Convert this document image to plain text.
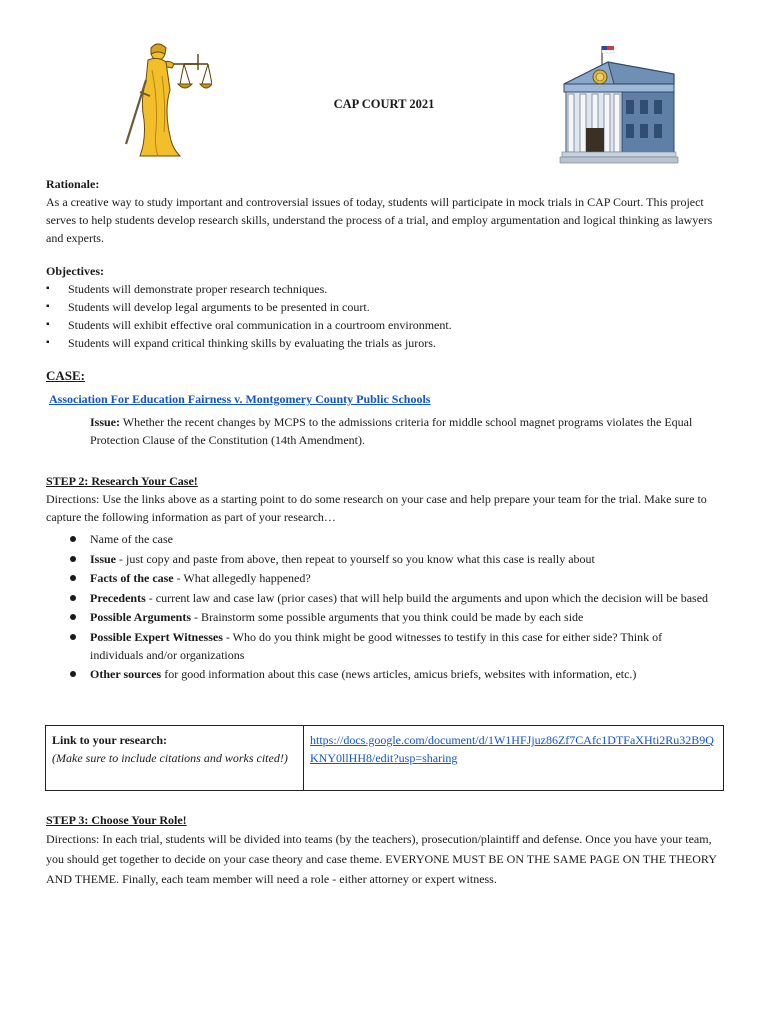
CAP COURT 2021
Rationale:
As a creative way to study important and controversial issues of today, students will participate in mock trials in CAP Court. This project serves to help students develop research skills, understand the process of a trial, and employ argumentation and logical thinking as lawyers and experts.
Objectives:
▪ Students will demonstrate proper research techniques.
▪ Students will develop legal arguments to be presented in court.
▪ Students will exhibit effective oral communication in a courtroom environment.
▪ Students will expand critical thinking skills by evaluating the trials as jurors.
CASE:
Association For Education Fairness v. Montgomery County Public Schools
Issue: Whether the recent changes by MCPS to the admissions criteria for middle school magnet programs violates the Equal Protection Clause of the Constitution (14th Amendment).
STEP 2: Research Your Case!
Directions: Use the links above as a starting point to do some research on your case and help prepare your team for the trial. Make sure to capture the following information as part of your research…
Name of the case
Issue - just copy and paste from above, then repeat to yourself so you know what this case is really about
Facts of the case - What allegedly happened?
Precedents - current law and case law (prior cases) that will help build the arguments and upon which the decision will be based
Possible Arguments - Brainstorm some possible arguments that you think could be made by each side
Possible Expert Witnesses - Who do you think might be good witnesses to testify in this case for either side? Think of individuals and/or organizations
Other sources for good information about this case (news articles, amicus briefs, websites with information, etc.)
Link to your research:
(Make sure to include citations and works cited!)
	https://docs.google.com/document/d/1W1HFJjuz86Zf7CAfc1DTFaXHti2Ru32B9QKNY0llHH8/edit?usp=sharing
STEP 3: Choose Your Role!
Directions: In each trial, students will be divided into teams (by the teachers), prosecution/plaintiff and defense. Once you have your team, you should get together to decide on your case theory and case theme. EVERYONE MUST BE ON THE SAME PAGE ON THE THEORY AND THEME. Finally, each team member will need a role - either attorney or expert witness.
